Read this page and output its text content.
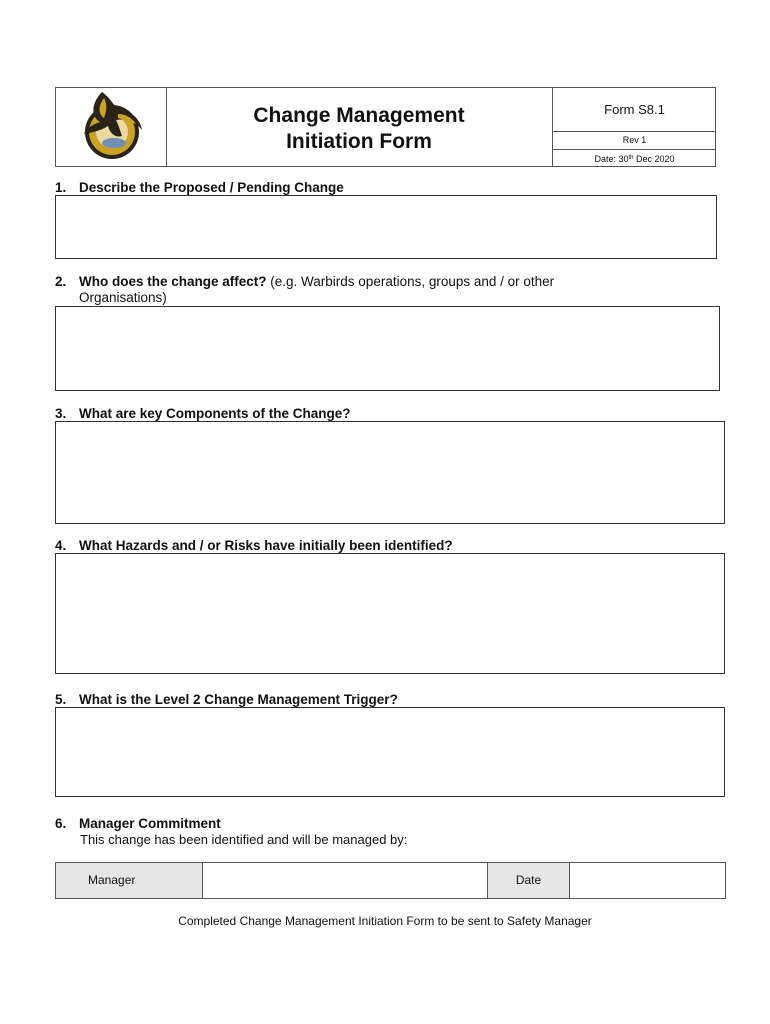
Change Management
Initiation Form
Form S8.1
Rev 1
Date: 30th Dec 2020
1. Describe the Proposed / Pending Change
2. Who does the change affect? (e.g. Warbirds operations, groups and / or other
Organisations)
3. What are key Components of the Change?
4. What Hazards and / or Risks have initially been identified?
5. What is the Level 2 Change Management Trigger?
6. Manager Commitment
This change has been identified and will be managed by:
Manager	Date
Completed Change Management Initiation Form to be sent to Safety Manager
